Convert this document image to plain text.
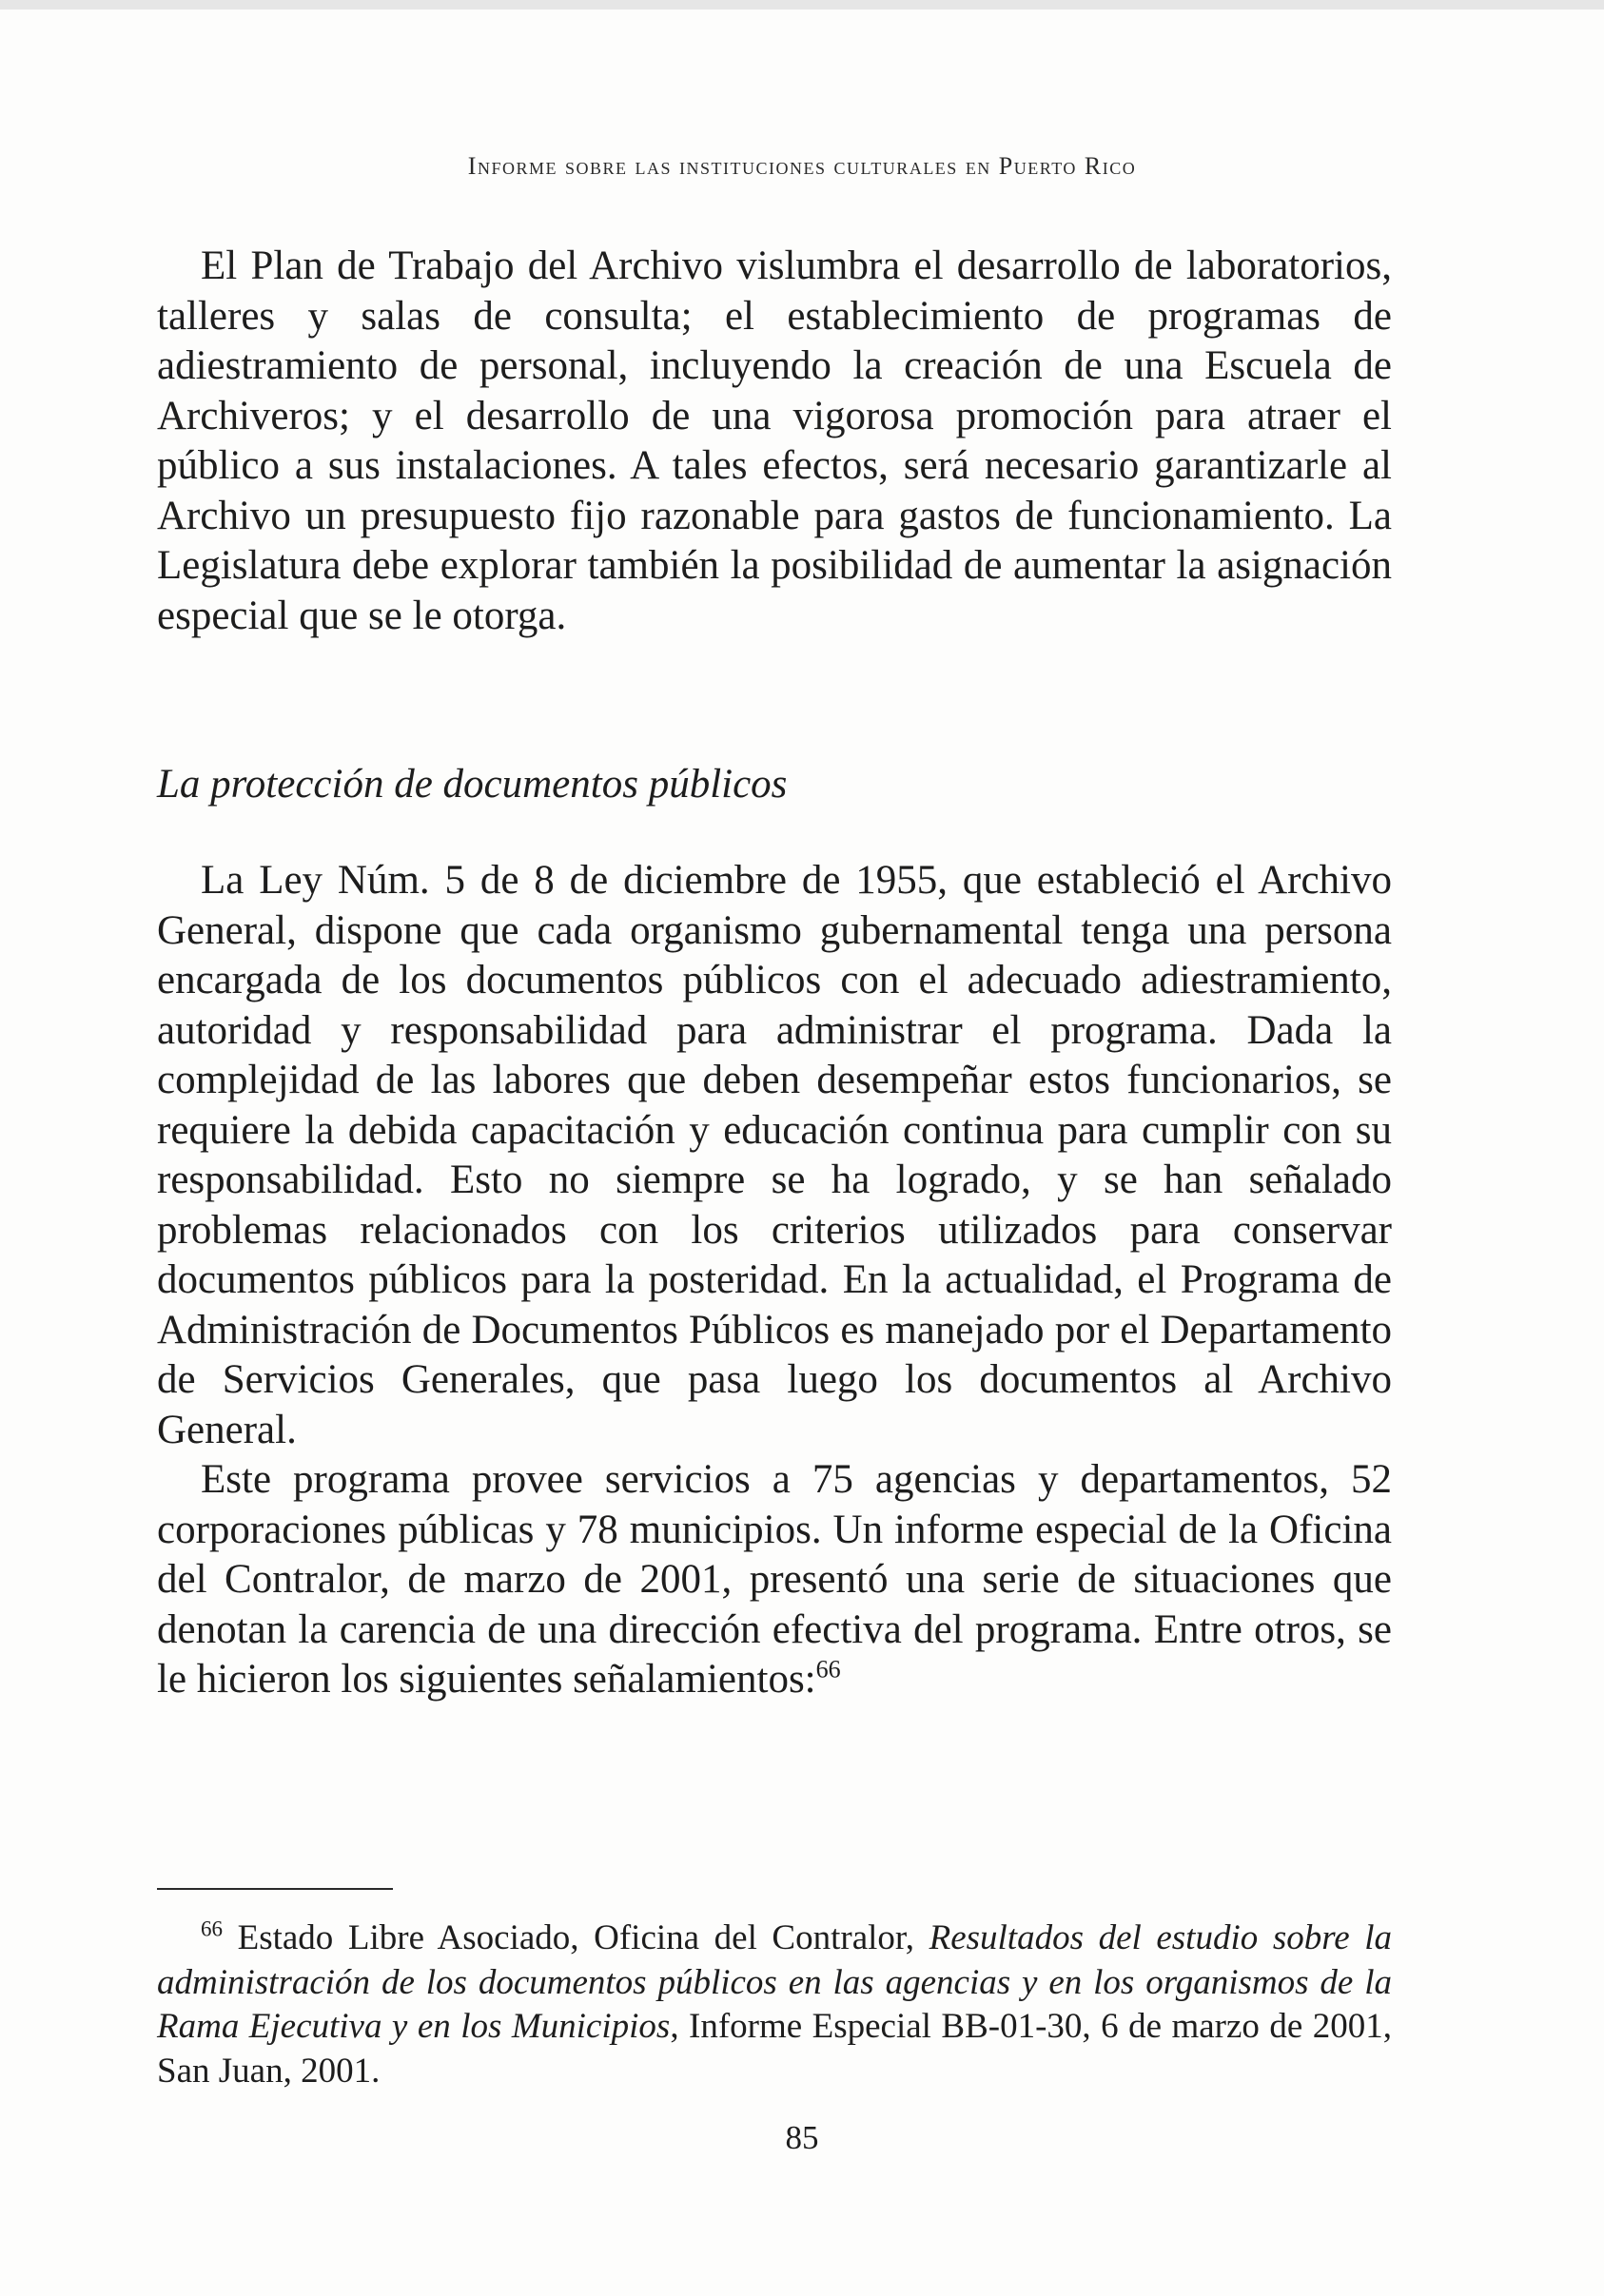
Informe sobre las instituciones culturales en Puerto Rico

El Plan de Trabajo del Archivo vislumbra el desarrollo de laboratorios, talleres y salas de consulta; el establecimiento de programas de adiestramiento de personal, incluyendo la creación de una Escuela de Archiveros; y el desarrollo de una vigorosa promoción para atraer el público a sus instalaciones. A tales efectos, será necesario garantizarle al Archivo un presupuesto fijo razonable para gastos de funcionamiento. La Legislatura debe explorar también la posibilidad de aumentar la asignación especial que se le otorga.

La protección de documentos públicos

La Ley Núm. 5 de 8 de diciembre de 1955, que estableció el Archivo General, dispone que cada organismo gubernamental tenga una persona encargada de los documentos públicos con el adecuado adiestramiento, autoridad y responsabilidad para administrar el programa. Dada la complejidad de las labores que deben desempeñar estos funcionarios, se requiere la debida capacitación y educación continua para cumplir con su responsabilidad. Esto no siempre se ha logrado, y se han señalado problemas relacionados con los criterios utilizados para conservar documentos públicos para la posteridad. En la actualidad, el Programa de Administración de Documentos Públicos es manejado por el Departamento de Servicios Generales, que pasa luego los documentos al Archivo General.

Este programa provee servicios a 75 agencias y departamentos, 52 corporaciones públicas y 78 municipios. Un informe especial de la Oficina del Contralor, de marzo de 2001, presentó una serie de situaciones que denotan la carencia de una dirección efectiva del programa. Entre otros, se le hicieron los siguientes señalamientos:$^{66}$

$^{66}$ Estado Libre Asociado, Oficina del Contralor, Resultados del estudio sobre la administración de los documentos públicos en las agencias y en los organismos de la Rama Ejecutiva y en los Municipios, Informe Especial BB-01-30, 6 de marzo de 2001, San Juan, 2001.
85
